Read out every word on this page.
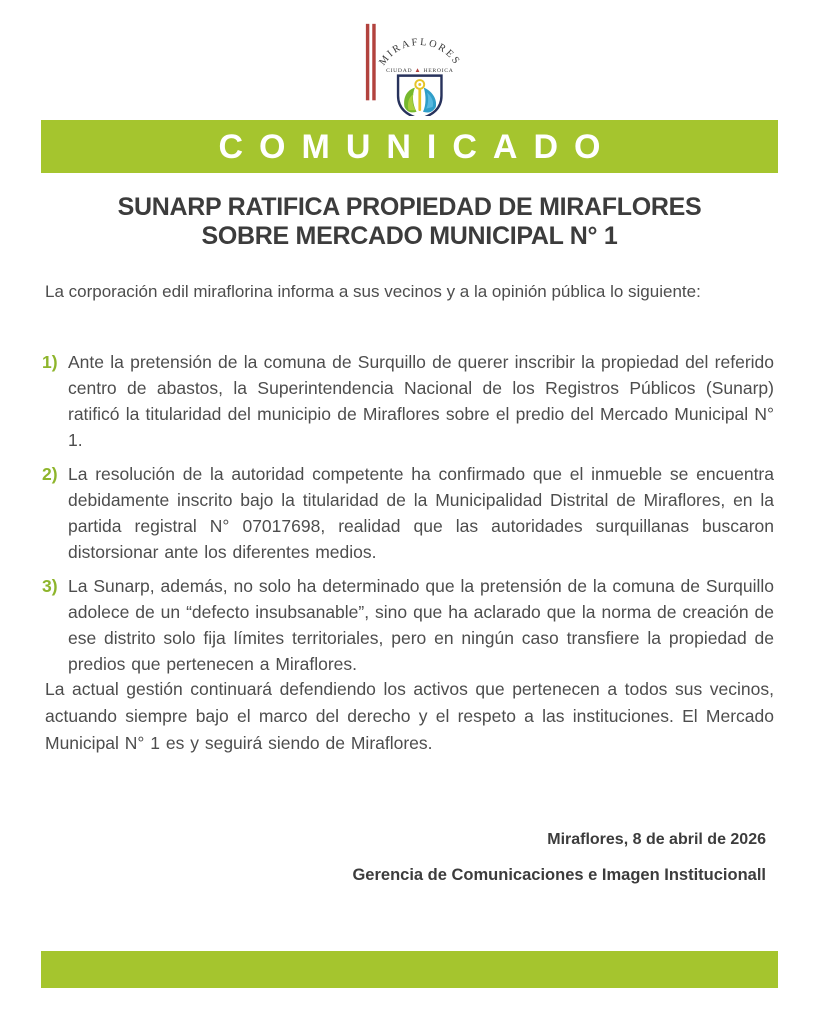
MIRAFLORES
CIUDAD ▲ HEROICA
COMUNICADO
SUNARP RATIFICA PROPIEDAD DE MIRAFLORES
SOBRE MERCADO MUNICIPAL N° 1
La corporación edil miraflorina informa a sus vecinos y a la opinión pública lo siguiente:
1) Ante la pretensión de la comuna de Surquillo de querer inscribir la propiedad del referido centro de abastos, la Superintendencia Nacional de los Registros Públicos (Sunarp) ratificó la titularidad del municipio de Miraflores sobre el predio del Mercado Municipal N° 1.
2) La resolución de la autoridad competente ha confirmado que el inmueble se encuentra debidamente inscrito bajo la titularidad de la Municipalidad Distrital de Miraflores, en la partida registral N° 07017698, realidad que las autoridades surquillanas buscaron distorsionar ante los diferentes medios.
3) La Sunarp, además, no solo ha determinado que la pretensión de la comuna de Surquillo adolece de un “defecto insubsanable”, sino que ha aclarado que la norma de creación de ese distrito solo fija límites territoriales, pero en ningún caso transfiere la propiedad de predios que pertenecen a Miraflores.
La actual gestión continuará defendiendo los activos que pertenecen a todos sus vecinos, actuando siempre bajo el marco del derecho y el respeto a las instituciones. El Mercado Municipal N° 1 es y seguirá siendo de Miraflores.
Miraflores, 8 de abril de 2026
Gerencia de Comunicaciones e Imagen Institucionall
